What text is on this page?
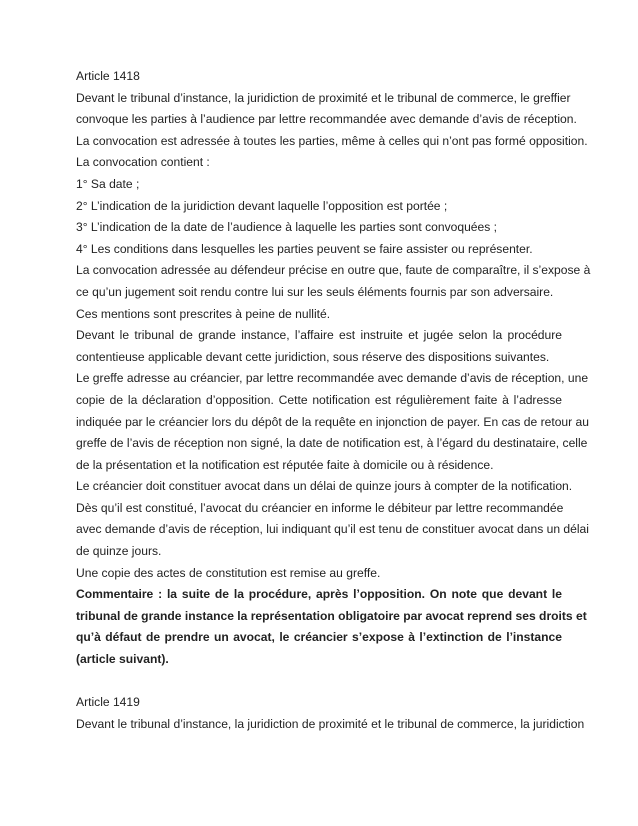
Article 1418
Devant le tribunal d’instance, la juridiction de proximité et le tribunal de commerce, le greffier
convoque les parties à l’audience par lettre recommandée avec demande d’avis de réception.
La convocation est adressée à toutes les parties, même à celles qui n’ont pas formé opposition.
La convocation contient :
1° Sa date ;
2° L’indication de la juridiction devant laquelle l’opposition est portée ;
3° L’indication de la date de l’audience à laquelle les parties sont convoquées ;
4° Les conditions dans lesquelles les parties peuvent se faire assister ou représenter.
La convocation adressée au défendeur précise en outre que, faute de comparaître, il s’expose à
ce qu’un jugement soit rendu contre lui sur les seuls éléments fournis par son adversaire.
Ces mentions sont prescrites à peine de nullité.
Devant le tribunal de grande instance, l’affaire est instruite et jugée selon la procédure
contentieuse applicable devant cette juridiction, sous réserve des dispositions suivantes.
Le greffe adresse au créancier, par lettre recommandée avec demande d’avis de réception, une
copie de la déclaration d’opposition. Cette notification est régulièrement faite à l’adresse
indiquée par le créancier lors du dépôt de la requête en injonction de payer. En cas de retour au
greffe de l’avis de réception non signé, la date de notification est, à l’égard du destinataire, celle
de la présentation et la notification est réputée faite à domicile ou à résidence.
Le créancier doit constituer avocat dans un délai de quinze jours à compter de la notification.
Dès qu’il est constitué, l’avocat du créancier en informe le débiteur par lettre recommandée
avec demande d’avis de réception, lui indiquant qu’il est tenu de constituer avocat dans un délai
de quinze jours.
Une copie des actes de constitution est remise au greffe.
Commentaire : la suite de la procédure, après l’opposition. On note que devant le
tribunal de grande instance la représentation obligatoire par avocat reprend ses droits et
qu’à défaut de prendre un avocat, le créancier s’expose à l’extinction de l’instance
(article suivant).
Article 1419
Devant le tribunal d’instance, la juridiction de proximité et le tribunal de commerce, la juridiction
